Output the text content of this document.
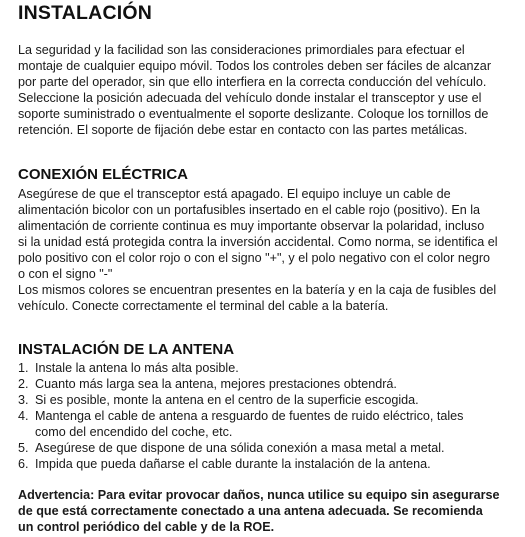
INSTALACIÓN

La seguridad y la facilidad son las consideraciones primordiales para efectuar el
montaje de cualquier equipo móvil. Todos los controles deben ser fáciles de alcanzar
por parte del operador, sin que ello interfiera en la correcta conducción del vehículo.
Seleccione la posición adecuada del vehículo donde instalar el transceptor y use el
soporte suministrado o eventualmente el soporte deslizante. Coloque los tornillos de
retención. El soporte de fijación debe estar en contacto con las partes metálicas.

CONEXIÓN ELÉCTRICA

Asegúrese de que el transceptor está apagado. El equipo incluye un cable de
alimentación bicolor con un portafusibles insertado en el cable rojo (positivo). En la
alimentación de corriente continua es muy importante observar la polaridad, incluso
si la unidad está protegida contra la inversión accidental. Como norma, se identifica el
polo positivo con el color rojo o con el signo "+", y el polo negativo con el color negro
o con el signo "-"
Los mismos colores se encuentran presentes en la batería y en la caja de fusibles del
vehículo. Conecte correctamente el terminal del cable a la batería.

INSTALACIÓN DE LA ANTENA
1. Instale la antena lo más alta posible.
2. Cuanto más larga sea la antena, mejores prestaciones obtendrá.
3. Si es posible, monte la antena en el centro de la superficie escogida.
4. Mantenga el cable de antena a resguardo de fuentes de ruido eléctrico, tales
como del encendido del coche, etc.
5. Asegúrese de que dispone de una sólida conexión a masa metal a metal.
6. Impida que pueda dañarse el cable durante la instalación de la antena.

Advertencia: Para evitar provocar daños, nunca utilice su equipo sin asegurarse
de que está correctamente conectado a una antena adecuada. Se recomienda
un control periódico del cable y de la ROE.
